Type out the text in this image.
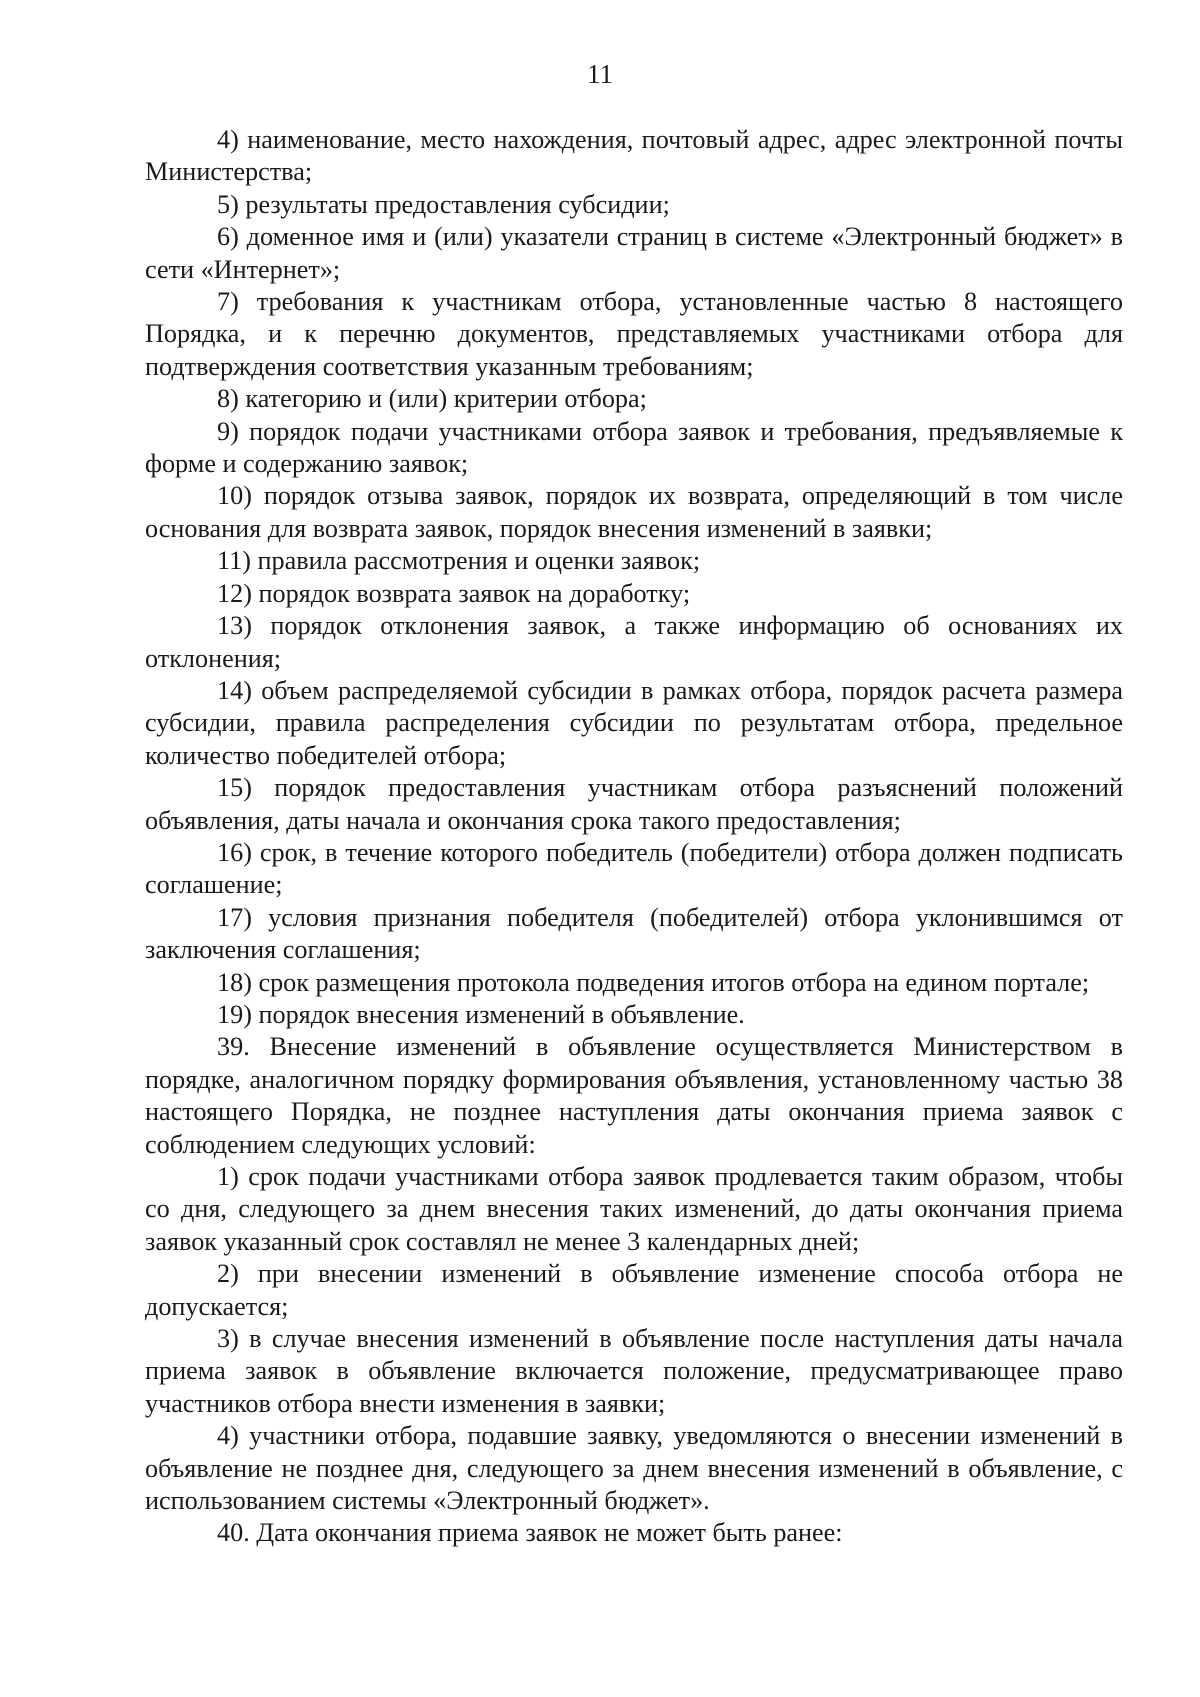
11

4) наименование, место нахождения, почтовый адрес, адрес электронной почты Министерства;

5) результаты предоставления субсидии;

6) доменное имя и (или) указатели страниц в системе «Электронный бюджет» в сети «Интернет»;

7) требования к участникам отбора, установленные частью 8 настоящего Порядка, и к перечню документов, представляемых участниками отбора для подтверждения соответствия указанным требованиям;

8) категорию и (или) критерии отбора;

9) порядок подачи участниками отбора заявок и требования, предъявляемые к форме и содержанию заявок;

10) порядок отзыва заявок, порядок их возврата, определяющий в том числе основания для возврата заявок, порядок внесения изменений в заявки;

11) правила рассмотрения и оценки заявок;

12) порядок возврата заявок на доработку;

13) порядок отклонения заявок, а также информацию об основаниях их отклонения;

14) объем распределяемой субсидии в рамках отбора, порядок расчета размера субсидии, правила распределения субсидии по результатам отбора, предельное количество победителей отбора;

15) порядок предоставления участникам отбора разъяснений положений объявления, даты начала и окончания срока такого предоставления;

16) срок, в течение которого победитель (победители) отбора должен подписать соглашение;

17) условия признания победителя (победителей) отбора уклонившимся от заключения соглашения;

18) срок размещения протокола подведения итогов отбора на едином портале;

19) порядок внесения изменений в объявление.

39. Внесение изменений в объявление осуществляется Министерством в порядке, аналогичном порядку формирования объявления, установленному частью 38 настоящего Порядка, не позднее наступления даты окончания приема заявок с соблюдением следующих условий:

1) срок подачи участниками отбора заявок продлевается таким образом, чтобы со дня, следующего за днем внесения таких изменений, до даты окончания приема заявок указанный срок составлял не менее 3 календарных дней;

2) при внесении изменений в объявление изменение способа отбора не допускается;

3) в случае внесения изменений в объявление после наступления даты начала приема заявок в объявление включается положение, предусматривающее право участников отбора внести изменения в заявки;

4) участники отбора, подавшие заявку, уведомляются о внесении изменений в объявление не позднее дня, следующего за днем внесения изменений в объявление, с использованием системы «Электронный бюджет».

40. Дата окончания приема заявок не может быть ранее:
